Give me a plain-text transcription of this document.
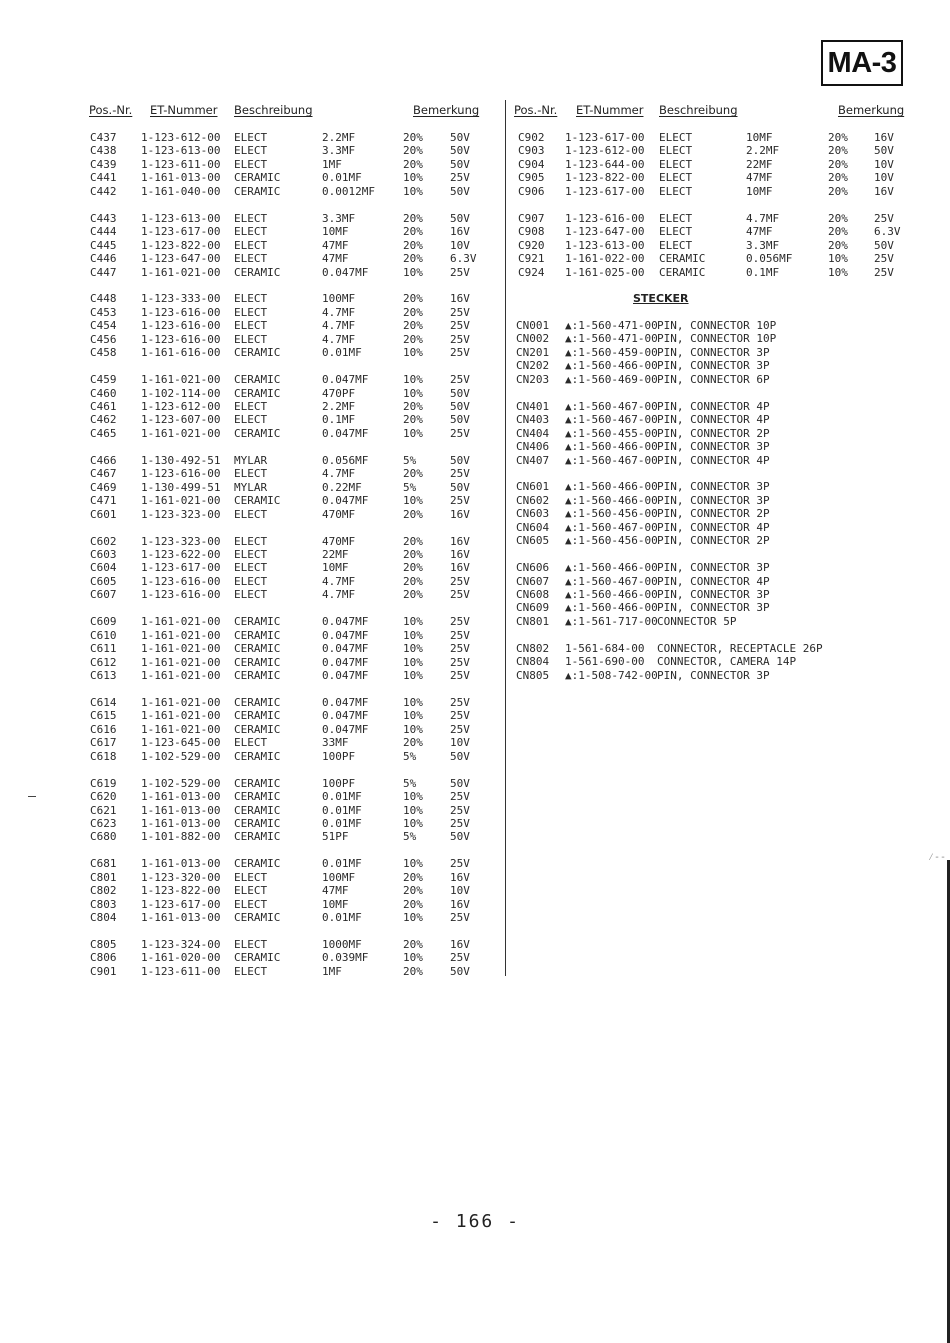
MA-3
Pos.-Nr. ET-Nummer Beschreibung	Bemerkung	Pos.-Nr. ET-Nummer Beschreibung	Bemerkung
C437 1-123-612-00 ELECT	2.2MF	20% 50V
C438 1-123-613-00 ELECT	3.3MF	20% 50V
C439 1-123-611-00 ELECT	1MF	20% 50V
C441 1-161-013-00 CERAMIC	0.01MF	10% 25V
C442 1-161-040-00 CERAMIC	0.0012MF	10% 50V
C443 1-123-613-00 ELECT	3.3MF	20% 50V
C444 1-123-617-00 ELECT	10MF	20% 16V
C445 1-123-822-00 ELECT	47MF	20% 10V
C446 1-123-647-00 ELECT	47MF	20% 6.3V
C447 1-161-021-00 CERAMIC	0.047MF	10% 25V
C448 1-123-333-00 ELECT	100MF	20% 16V
C453 1-123-616-00 ELECT	4.7MF	20% 25V
C454 1-123-616-00 ELECT	4.7MF	20% 25V
C456 1-123-616-00 ELECT	4.7MF	20% 25V
C458 1-161-616-00 CERAMIC	0.01MF	10% 25V
C459 1-161-021-00 CERAMIC	0.047MF	10% 25V
C460 1-102-114-00 CERAMIC	470PF	10% 50V
C461 1-123-612-00 ELECT	2.2MF	20% 50V
C462 1-123-607-00 ELECT	0.1MF	20% 50V
C465 1-161-021-00 CERAMIC	0.047MF	10% 25V
C466 1-130-492-51 MYLAR	0.056MF	5%	50V
C467 1-123-616-00 ELECT	4.7MF	20% 25V
C469 1-130-499-51 MYLAR	0.22MF	5%	50V
C471 1-161-021-00 CERAMIC	0.047MF	10% 25V
C601 1-123-323-00 ELECT	470MF	20% 16V
C602 1-123-323-00 ELECT	470MF	20% 16V
C603 1-123-622-00 ELECT	22MF	20% 16V
C604 1-123-617-00 ELECT	10MF	20% 16V
C605 1-123-616-00 ELECT	4.7MF	20% 25V
C607 1-123-616-00 ELECT	4.7MF	20% 25V
C609 1-161-021-00 CERAMIC	0.047MF	10% 25V
C610 1-161-021-00 CERAMIC	0.047MF	10% 25V
C611 1-161-021-00 CERAMIC	0.047MF	10% 25V
C612 1-161-021-00 CERAMIC	0.047MF	10% 25V
C613 1-161-021-00 CERAMIC	0.047MF	10% 25V
C614 1-161-021-00 CERAMIC	0.047MF	10% 25V
C615 1-161-021-00 CERAMIC	0.047MF	10% 25V
C616 1-161-021-00 CERAMIC	0.047MF	10% 25V
C617 1-123-645-00 ELECT	33MF	20% 10V
C618 1-102-529-00 CERAMIC	100PF	5%	50V
C619 1-102-529-00 CERAMIC	100PF	5%	50V
C620 1-161-013-00 CERAMIC	0.01MF	10% 25V
C621 1-161-013-00 CERAMIC	0.01MF	10% 25V
C623 1-161-013-00 CERAMIC	0.01MF	10% 25V
C680 1-101-882-00 CERAMIC	51PF	5%	50V
C681 1-161-013-00 CERAMIC	0.01MF	10% 25V
C801 1-123-320-00 ELECT	100MF	20% 16V
C802 1-123-822-00 ELECT	47MF	20% 10V
C803 1-123-617-00 ELECT	10MF	20% 16V
C804 1-161-013-00 CERAMIC	0.01MF	10% 25V
C805 1-123-324-00 ELECT	1000MF	20% 16V
C806 1-161-020-00 CERAMIC	0.039MF	10% 25V
C901 1-123-611-00 ELECT	1MF	20% 50V
C902 1-123-617-00 ELECT	10MF	20% 16V
C903 1-123-612-00 ELECT	2.2MF	20% 50V
C904 1-123-644-00 ELECT	22MF	20% 10V
C905 1-123-822-00 ELECT	47MF	20% 10V
C906 1-123-617-00 ELECT	10MF	20% 16V
C907 1-123-616-00 ELECT	4.7MF	20% 25V
C908 1-123-647-00 ELECT	47MF	20% 6.3V
C920 1-123-613-00 ELECT	3.3MF	20% 50V
C921 1-161-022-00 CERAMIC	0.056MF	10% 25V
C924 1-161-025-00 CERAMIC	0.1MF	10% 25V
STECKER
CN001 ▲:1-560-471-00 PIN, CONNECTOR 10P
CN002 ▲:1-560-471-00 PIN, CONNECTOR 10P
CN201 ▲:1-560-459-00 PIN, CONNECTOR 3P
CN202 ▲:1-560-466-00 PIN, CONNECTOR 3P
CN203 ▲:1-560-469-00 PIN, CONNECTOR 6P
CN401 ▲:1-560-467-00 PIN, CONNECTOR 4P
CN403 ▲:1-560-467-00 PIN, CONNECTOR 4P
CN404 ▲:1-560-455-00 PIN, CONNECTOR 2P
CN406 ▲:1-560-466-00 PIN, CONNECTOR 3P
CN407 ▲:1-560-467-00 PIN, CONNECTOR 4P
CN601 ▲:1-560-466-00 PIN, CONNECTOR 3P
CN602 ▲:1-560-466-00 PIN, CONNECTOR 3P
CN603 ▲:1-560-456-00 PIN, CONNECTOR 2P
CN604 ▲:1-560-467-00 PIN, CONNECTOR 4P
CN605 ▲:1-560-456-00 PIN, CONNECTOR 2P
CN606 ▲:1-560-466-00 PIN, CONNECTOR 3P
CN607 ▲:1-560-467-00 PIN, CONNECTOR 4P
CN608 ▲:1-560-466-00 PIN, CONNECTOR 3P
CN609 ▲:1-560-466-00 PIN, CONNECTOR 3P
CN801 ▲:1-561-717-00 CONNECTOR 5P
CN802 1-561-684-00 CONNECTOR, RECEPTACLE 26P
CN804 1-561-690-00 CONNECTOR, CAMERA 14P
CN805 ▲:1-508-742-00 PIN, CONNECTOR 3P
- 166 -
⁄--
